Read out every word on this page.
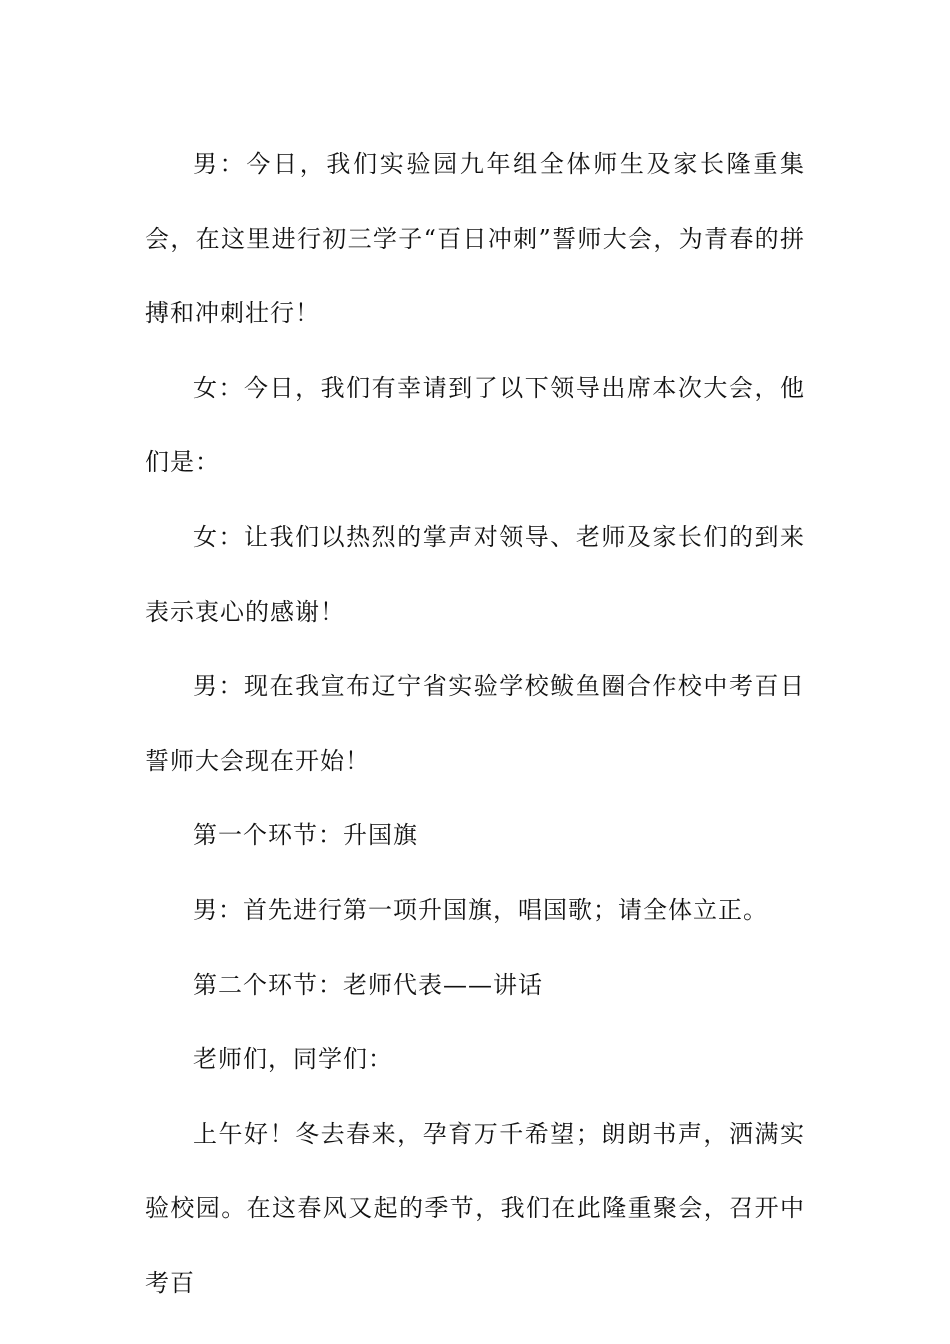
男：今日，我们实验园九年组全体师生及家长隆重集会，在这里进行初三学子“百日冲刺”誓师大会，为青春的拼搏和冲刺壮行！

女：今日，我们有幸请到了以下领导出席本次大会，他们是：

女：让我们以热烈的掌声对领导、老师及家长们的到来表示衷心的感谢！

男：现在我宣布辽宁省实验学校鲅鱼圈合作校中考百日誓师大会现在开始！

第一个环节：升国旗

男：首先进行第一项升国旗，唱国歌；请全体立正。

第二个环节：老师代表——讲话

老师们，同学们：

上午好！冬去春来，孕育万千希望；朗朗书声，洒满实验校园。在这春风又起的季节，我们在此隆重聚会，召开中考百
